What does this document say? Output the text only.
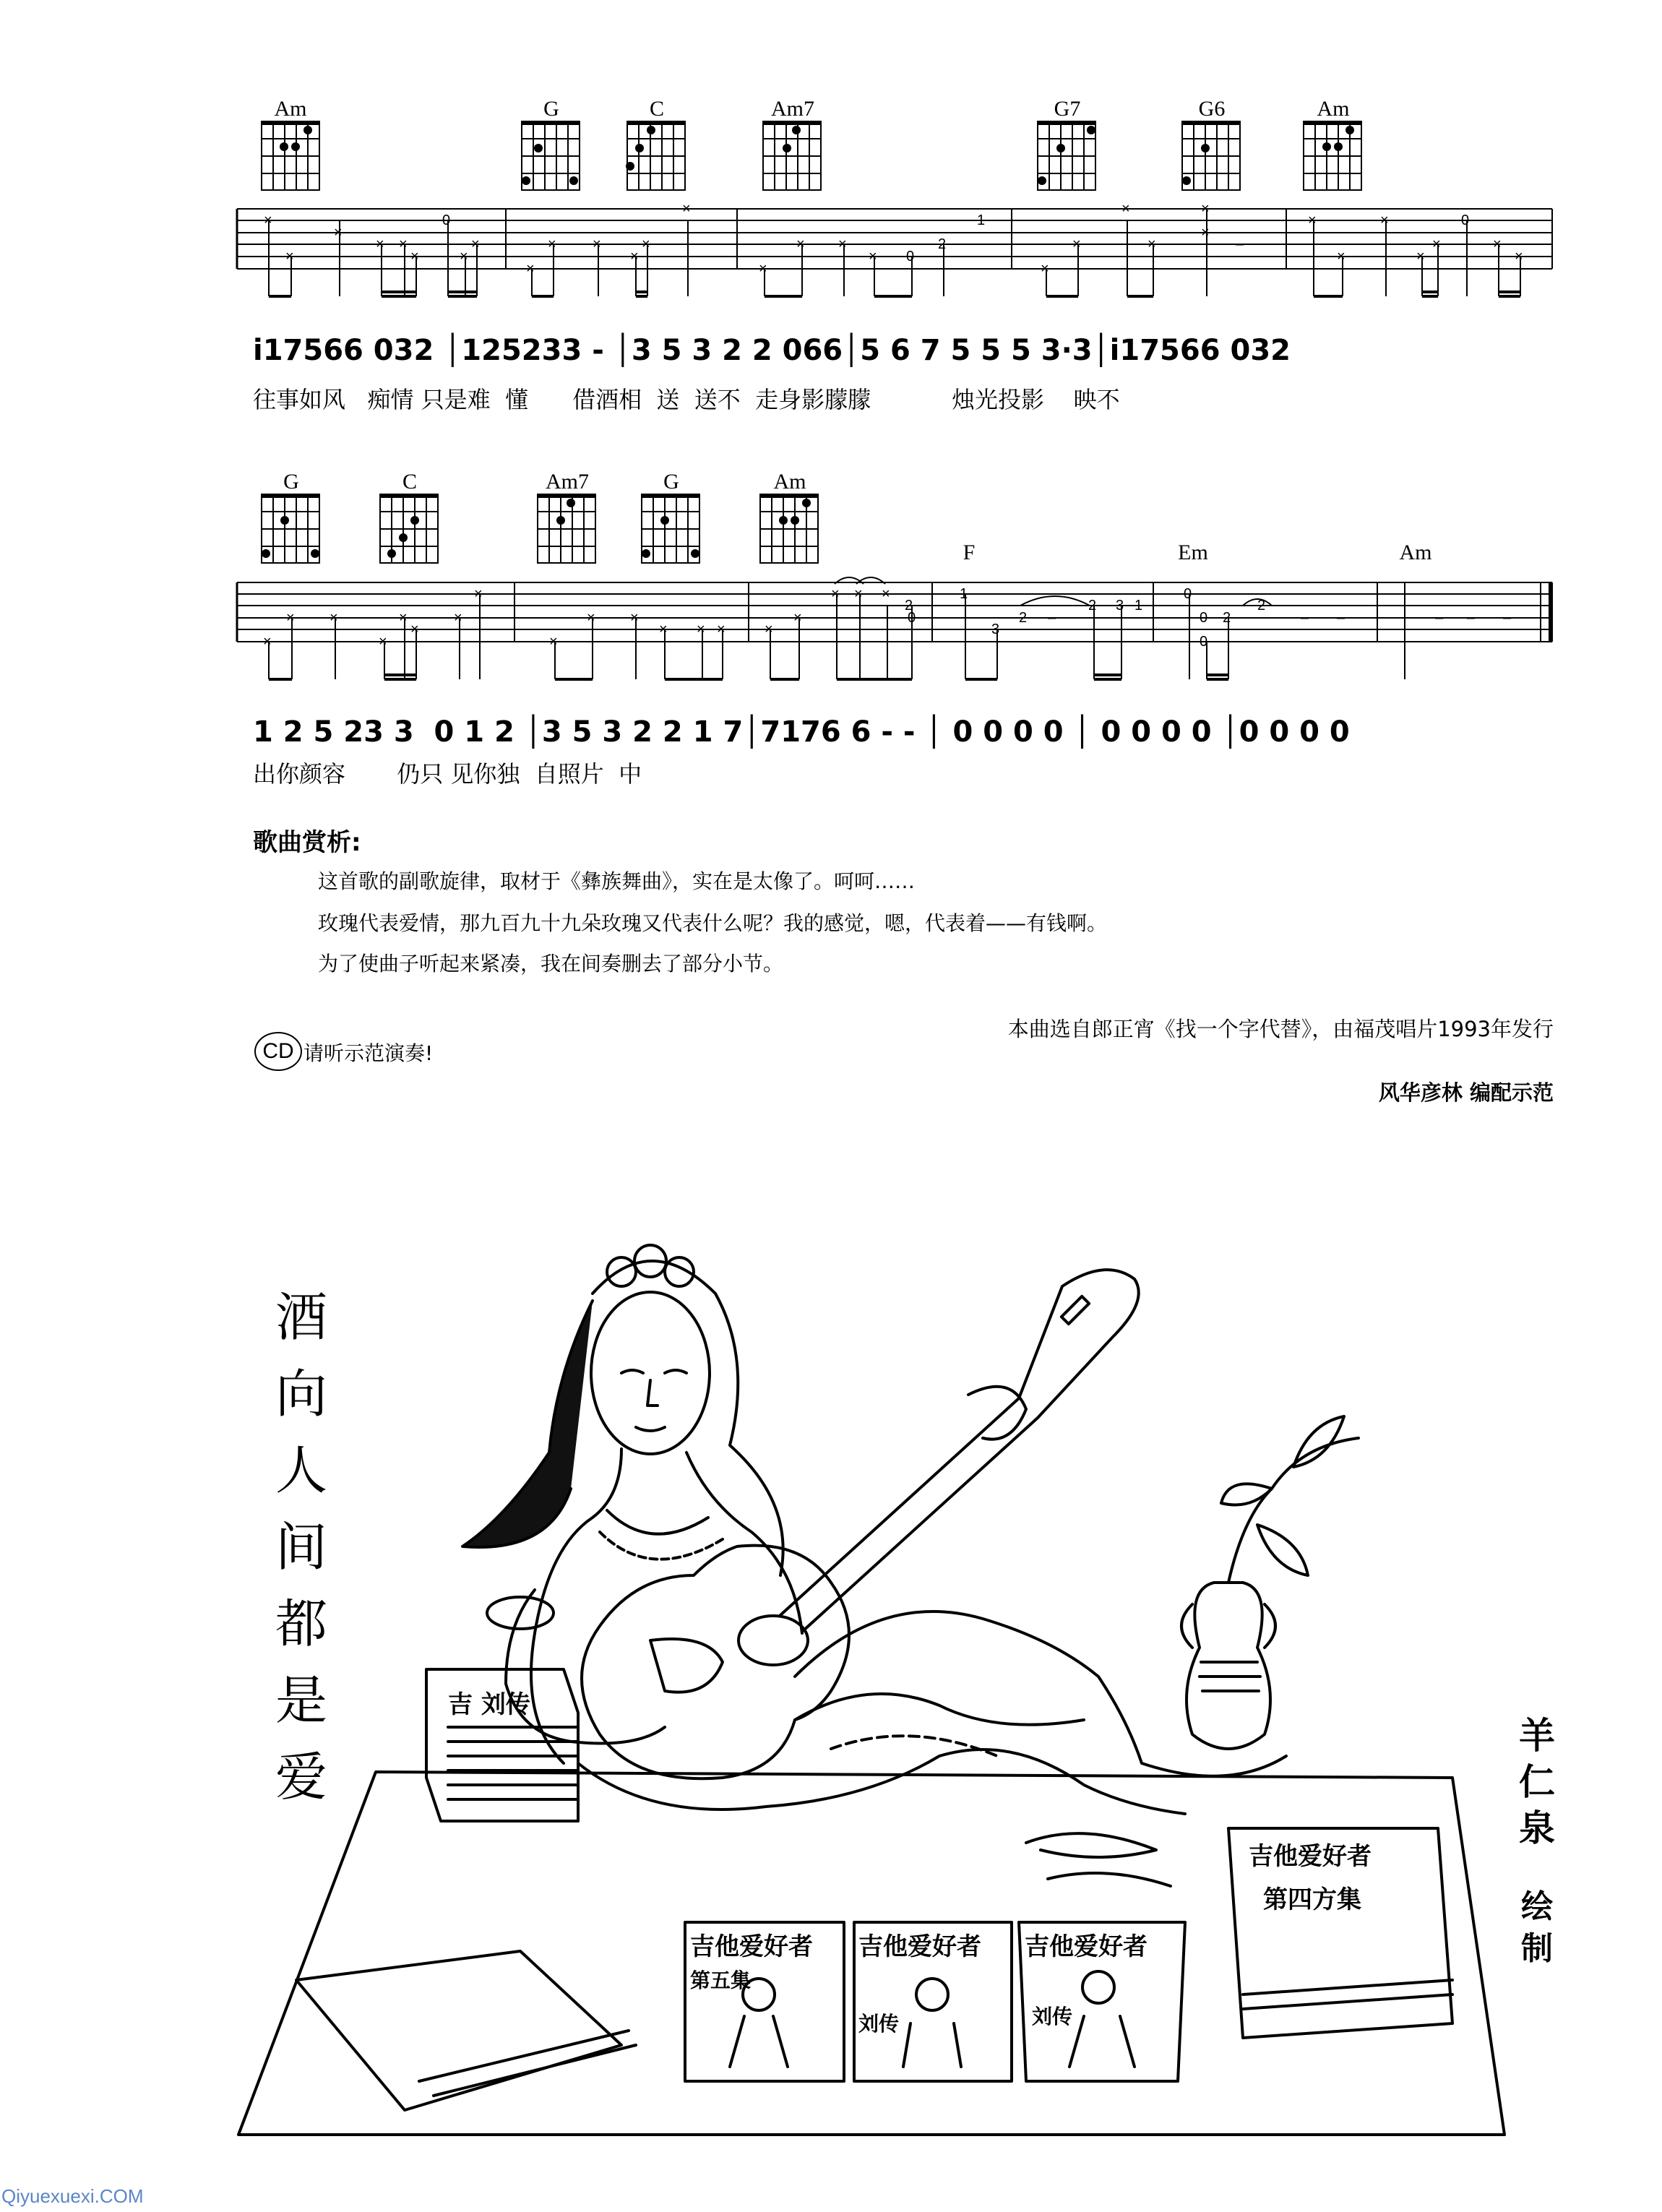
Am	G	C	Am7	G7	G6	Am
×
×
×
× ×
×
0
×
×
×
×	×
×
×
×
×
× ×
× 0
2
1
×
×
×
×
×
×
–
×
×
×
×
×
0
×
×
i̇17566 032 │125233 - │3 5 3 2 2 066│5 6 7 5 5 5 3·3│i̇17566 032
往事如风   痴情 只是难  懂      借酒相  送  送不  走身影朦朦           烛光投影    映不
G	C	Am7	G	Am
F	Em	Am
×
× ×
×
×
×
×
×
×
× ×
× × ×	×
×
× × ×
2
0
1
3
2 –
2 3 1
0
0
0
2
2
– –	– – –
1 2 5 23 3  0 1 2 │3 5 3 2 2 1 7│7176 6 - - │ 0 0 0 0 │ 0 0 0 0 │0 0 0 0
出你颜容       仍只 见你独  自照片  中
歌曲赏析:
这首歌的副歌旋律，取材于《彝族舞曲》，实在是太像了。呵呵……
玫瑰代表爱情，那九百九十九朵玫瑰又代表什么呢？我的感觉，嗯，代表着——有钱啊。
为了使曲子听起来紧凑，我在间奏删去了部分小节。
本曲选自郎正宵《找一个字代替》，由福茂唱片1993年发行
CD 请听示范演奏!
风华彦林 编配示范
酒
向
人
间
都
是
爱
羊
仁
泉
绘
制
吉他爱好者 吉他爱好者 吉他爱好者
吉他爱好者
第五集
刘传	刘传
第四方集
吉 刘传
Qiyuexuexi.COM
